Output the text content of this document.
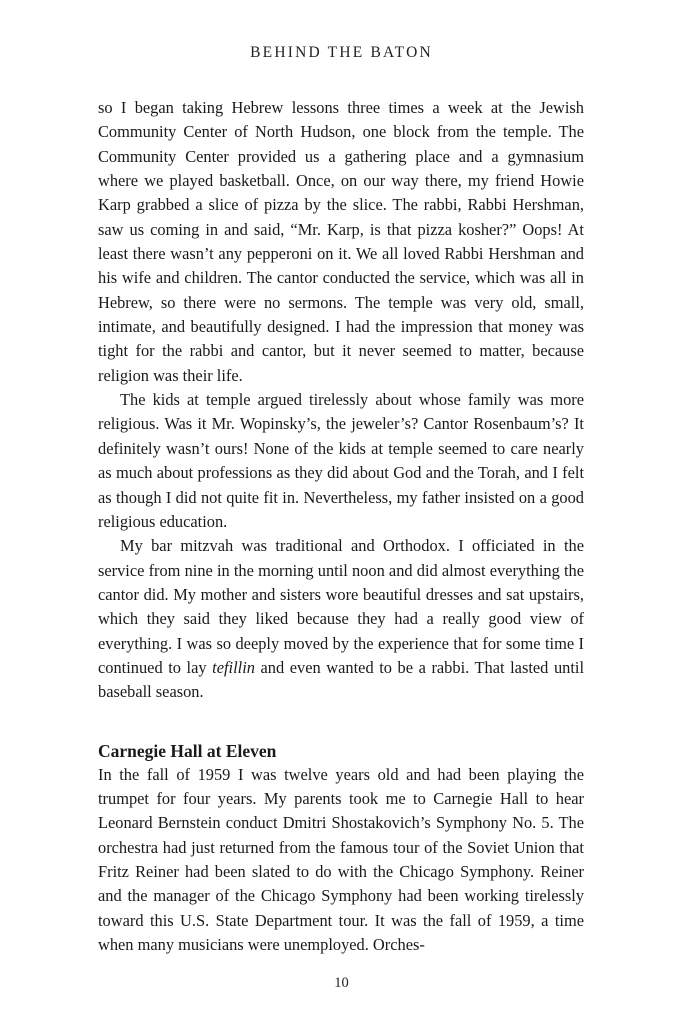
BEHIND THE BATON

so I began taking Hebrew lessons three times a week at the Jewish Community Center of North Hudson, one block from the temple. The Community Center provided us a gathering place and a gymnasium where we played basketball. Once, on our way there, my friend Howie Karp grabbed a slice of pizza by the slice. The rabbi, Rabbi Hershman, saw us coming in and said, “Mr. Karp, is that pizza kosher?” Oops! At least there wasn’t any pepperoni on it. We all loved Rabbi Hershman and his wife and children. The cantor conducted the service, which was all in Hebrew, so there were no sermons. The temple was very old, small, intimate, and beautifully designed. I had the impression that money was tight for the rabbi and cantor, but it never seemed to matter, because religion was their life.

The kids at temple argued tirelessly about whose family was more religious. Was it Mr. Wopinsky’s, the jeweler’s? Cantor Rosenbaum’s? It definitely wasn’t ours! None of the kids at temple seemed to care nearly as much about professions as they did about God and the Torah, and I felt as though I did not quite fit in. Nevertheless, my father insisted on a good religious education.

My bar mitzvah was traditional and Orthodox. I officiated in the service from nine in the morning until noon and did almost everything the cantor did. My mother and sisters wore beautiful dresses and sat upstairs, which they said they liked because they had a really good view of everything. I was so deeply moved by the experience that for some time I continued to lay tefillin and even wanted to be a rabbi. That lasted until baseball season.

Carnegie Hall at Eleven

In the fall of 1959 I was twelve years old and had been playing the trumpet for four years. My parents took me to Carnegie Hall to hear Leonard Bernstein conduct Dmitri Shostakovich’s Symphony No. 5. The orchestra had just returned from the famous tour of the Soviet Union that Fritz Reiner had been slated to do with the Chicago Symphony. Reiner and the manager of the Chicago Symphony had been working tirelessly toward this U.S. State Department tour. It was the fall of 1959, a time when many musicians were unemployed. Orches-

10
